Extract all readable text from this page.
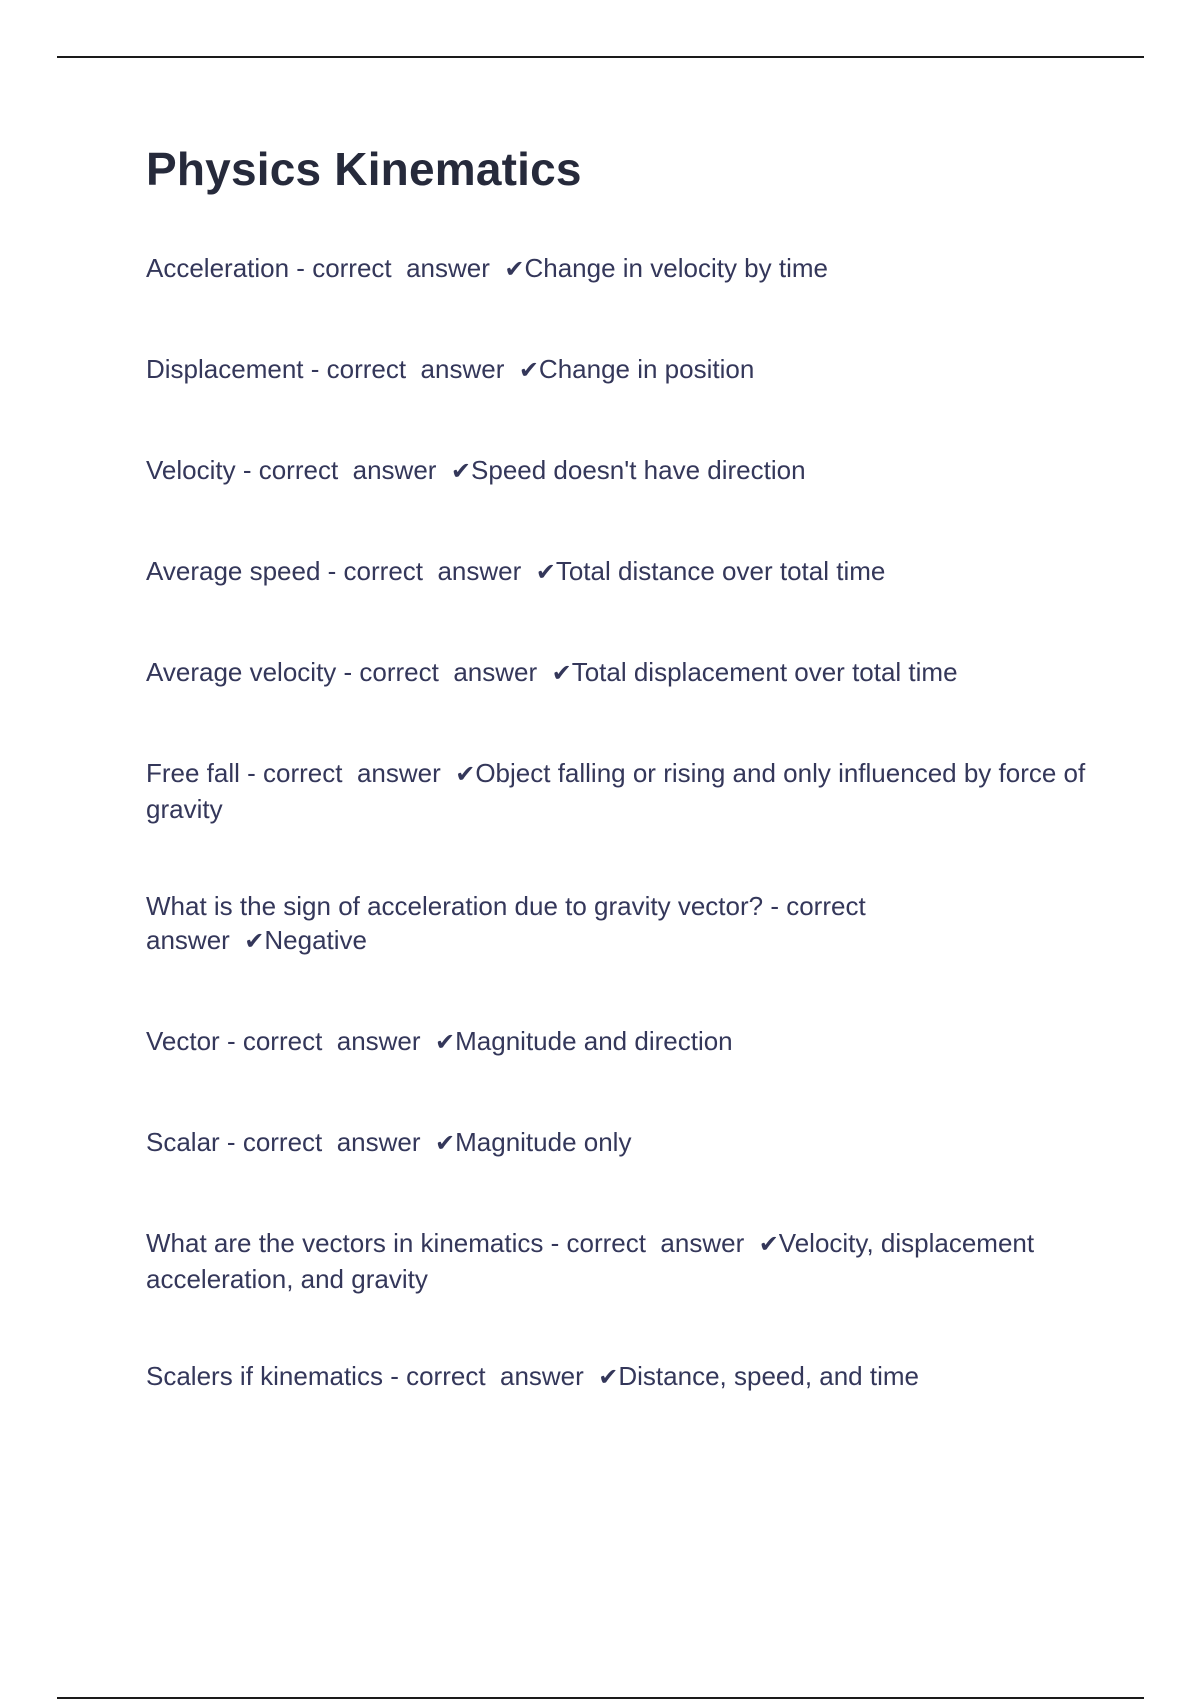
Physics Kinematics
Acceleration - correct  answer ✔Change in velocity by time
Displacement - correct  answer ✔Change in position
Velocity - correct  answer ✔Speed doesn't have direction
Average speed - correct  answer ✔Total distance over total time
Average velocity - correct  answer ✔Total displacement over total time
Free fall - correct  answer ✔Object falling or rising and only influenced by force of gravity
What is the sign of acceleration due to gravity vector? - correct  answer ✔Negative
Vector - correct  answer ✔Magnitude and direction
Scalar - correct  answer ✔Magnitude only
What are the vectors in kinematics - correct  answer ✔Velocity, displacement acceleration, and gravity
Scalers if kinematics - correct  answer ✔Distance, speed, and time
